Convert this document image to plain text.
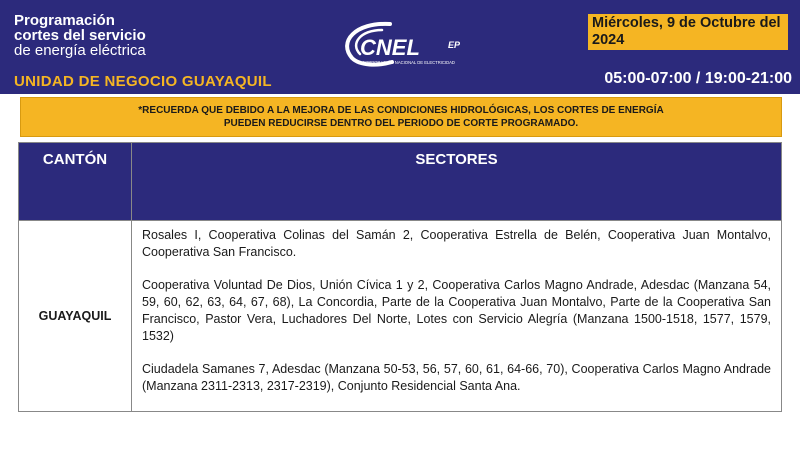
Programación
cortes del servicio
de energía eléctrica
UNIDAD DE NEGOCIO GUAYAQUIL
CNEL	EP
CORPORACIÓN NACIONAL DE ELECTRICIDAD
Miércoles, 9 de Octubre del 2024
05:00-07:00 / 19:00-21:00
*RECUERDA QUE DEBIDO A LA MEJORA DE LAS CONDICIONES HIDROLÓGICAS, LOS CORTES DE ENERGÍA
PUEDEN REDUCIRSE DENTRO DEL PERIODO DE CORTE PROGRAMADO.
CANTÓN	SECTORES
GUAYAQUIL	Rosales I, Cooperativa Colinas del Samán 2, Cooperativa Estrella de Belén, Cooperativa Juan Montalvo, Cooperativa San Francisco.

Cooperativa Voluntad De Dios, Unión Cívica 1 y 2, Cooperativa Carlos Magno Andrade, Adesdac (Manzana 54, 59, 60, 62, 63, 64, 67, 68), La Concordia, Parte de la Cooperativa Juan Montalvo, Parte de la Cooperativa San Francisco, Pastor Vera, Luchadores Del Norte, Lotes con Servicio Alegría (Manzana 1500-1518, 1577, 1579, 1532)

Ciudadela Samanes 7, Adesdac (Manzana 50-53, 56, 57, 60, 61, 64-66, 70), Cooperativa Carlos Magno Andrade (Manzana 2311-2313, 2317-2319), Conjunto Residencial Santa Ana.
